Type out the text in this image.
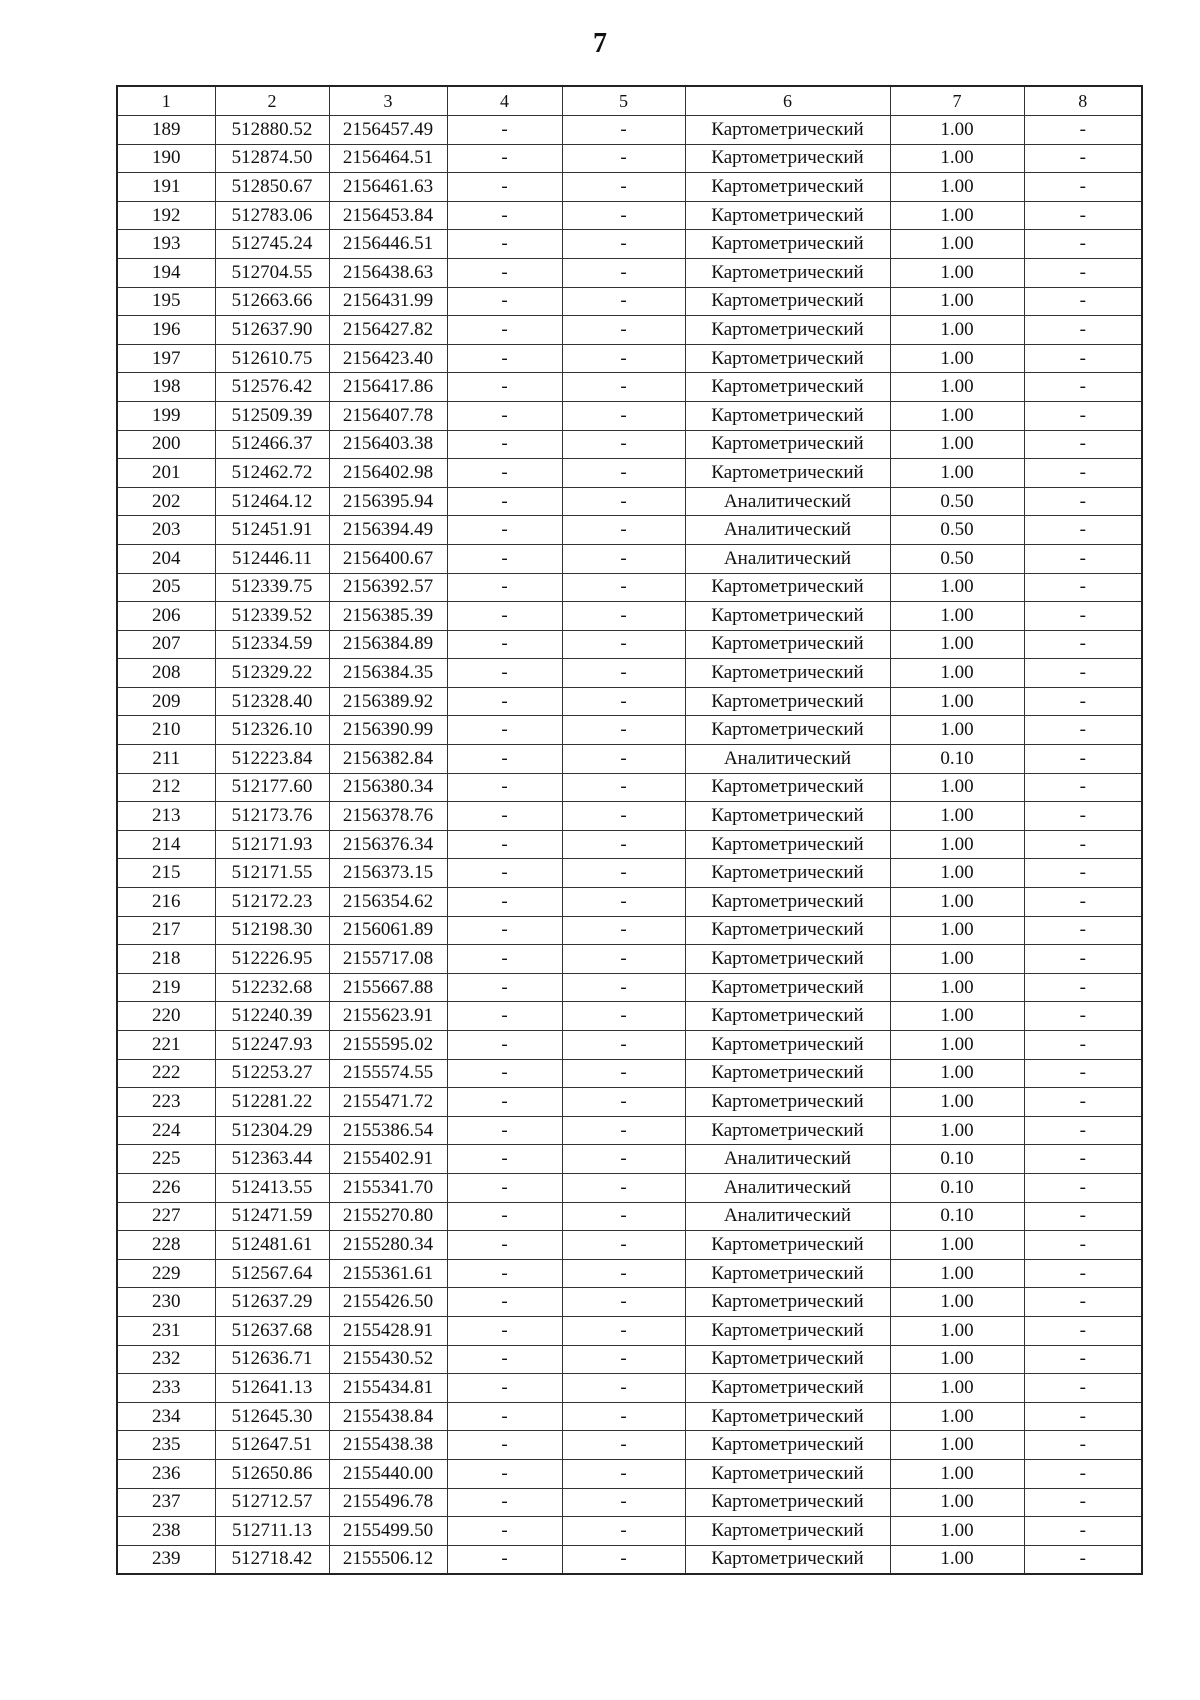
7
1	2	3	4	5	6	7	8
189	512880.52	2156457.49	-	-	Картометрический	1.00	-
190	512874.50	2156464.51	-	-	Картометрический	1.00	-
191	512850.67	2156461.63	-	-	Картометрический	1.00	-
192	512783.06	2156453.84	-	-	Картометрический	1.00	-
193	512745.24	2156446.51	-	-	Картометрический	1.00	-
194	512704.55	2156438.63	-	-	Картометрический	1.00	-
195	512663.66	2156431.99	-	-	Картометрический	1.00	-
196	512637.90	2156427.82	-	-	Картометрический	1.00	-
197	512610.75	2156423.40	-	-	Картометрический	1.00	-
198	512576.42	2156417.86	-	-	Картометрический	1.00	-
199	512509.39	2156407.78	-	-	Картометрический	1.00	-
200	512466.37	2156403.38	-	-	Картометрический	1.00	-
201	512462.72	2156402.98	-	-	Картометрический	1.00	-
202	512464.12	2156395.94	-	-	Аналитический	0.50	-
203	512451.91	2156394.49	-	-	Аналитический	0.50	-
204	512446.11	2156400.67	-	-	Аналитический	0.50	-
205	512339.75	2156392.57	-	-	Картометрический	1.00	-
206	512339.52	2156385.39	-	-	Картометрический	1.00	-
207	512334.59	2156384.89	-	-	Картометрический	1.00	-
208	512329.22	2156384.35	-	-	Картометрический	1.00	-
209	512328.40	2156389.92	-	-	Картометрический	1.00	-
210	512326.10	2156390.99	-	-	Картометрический	1.00	-
211	512223.84	2156382.84	-	-	Аналитический	0.10	-
212	512177.60	2156380.34	-	-	Картометрический	1.00	-
213	512173.76	2156378.76	-	-	Картометрический	1.00	-
214	512171.93	2156376.34	-	-	Картометрический	1.00	-
215	512171.55	2156373.15	-	-	Картометрический	1.00	-
216	512172.23	2156354.62	-	-	Картометрический	1.00	-
217	512198.30	2156061.89	-	-	Картометрический	1.00	-
218	512226.95	2155717.08	-	-	Картометрический	1.00	-
219	512232.68	2155667.88	-	-	Картометрический	1.00	-
220	512240.39	2155623.91	-	-	Картометрический	1.00	-
221	512247.93	2155595.02	-	-	Картометрический	1.00	-
222	512253.27	2155574.55	-	-	Картометрический	1.00	-
223	512281.22	2155471.72	-	-	Картометрический	1.00	-
224	512304.29	2155386.54	-	-	Картометрический	1.00	-
225	512363.44	2155402.91	-	-	Аналитический	0.10	-
226	512413.55	2155341.70	-	-	Аналитический	0.10	-
227	512471.59	2155270.80	-	-	Аналитический	0.10	-
228	512481.61	2155280.34	-	-	Картометрический	1.00	-
229	512567.64	2155361.61	-	-	Картометрический	1.00	-
230	512637.29	2155426.50	-	-	Картометрический	1.00	-
231	512637.68	2155428.91	-	-	Картометрический	1.00	-
232	512636.71	2155430.52	-	-	Картометрический	1.00	-
233	512641.13	2155434.81	-	-	Картометрический	1.00	-
234	512645.30	2155438.84	-	-	Картометрический	1.00	-
235	512647.51	2155438.38	-	-	Картометрический	1.00	-
236	512650.86	2155440.00	-	-	Картометрический	1.00	-
237	512712.57	2155496.78	-	-	Картометрический	1.00	-
238	512711.13	2155499.50	-	-	Картометрический	1.00	-
239	512718.42	2155506.12	-	-	Картометрический	1.00	-
